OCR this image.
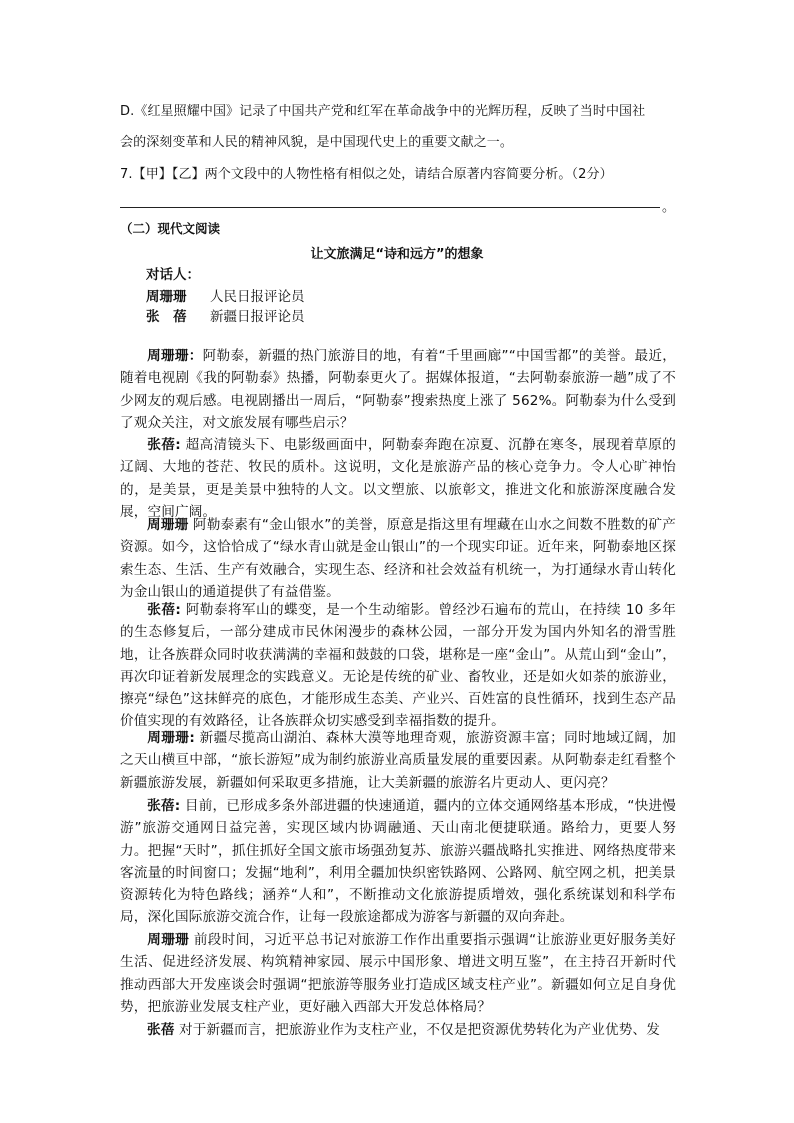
D.《红星照耀中国》记录了中国共产党和红军在革命战争中的光辉历程，反映了当时中国社
会的深刻变革和人民的精神风貌，是中国现代史上的重要文献之一。
7.【甲】【乙】两个文段中的人物性格有相似之处，请结合原著内容简要分析。（2分）
。
（二）现代文阅读
让文旅满足“诗和远方”的想象
对话人：
周珊珊 人民日报评论员
张　蓓 新疆日报评论员
周珊珊：阿勒泰，新疆的热门旅游目的地，有着“千里画廊”“中国雪都”的美誉。最近，随着电视剧《我的阿勒泰》热播，阿勒泰更火了。据媒体报道，“去阿勒泰旅游一趟”成了不少网友的观后感。电视剧播出一周后，“阿勒泰”搜索热度上涨了 562%。阿勒泰为什么受到了观众关注，对文旅发展有哪些启示？
张蓓: 超高清镜头下、电影级画面中，阿勒泰奔跑在凉夏、沉静在寒冬，展现着草原的辽阔、大地的苍茫、牧民的质朴。这说明，文化是旅游产品的核心竞争力。令人心旷神怡的，是美景，更是美景中独特的人文。以文塑旅、以旅彰文，推进文化和旅游深度融合发展，空间广阔。
周珊珊 阿勒泰素有“金山银水”的美誉，原意是指这里有埋藏在山水之间数不胜数的矿产资源。如今，这恰恰成了“绿水青山就是金山银山”的一个现实印证。近年来，阿勒泰地区探索生态、生活、生产有效融合，实现生态、经济和社会效益有机统一，为打通绿水青山转化为金山银山的通道提供了有益借鉴。
张蓓: 阿勒泰将军山的蝶变，是一个生动缩影。曾经沙石遍布的荒山，在持续 10 多年的生态修复后，一部分建成市民休闲漫步的森林公园，一部分开发为国内外知名的滑雪胜地，让各族群众同时收获满满的幸福和鼓鼓的口袋，堪称是一座“金山”。从荒山到“金山”，再次印证着新发展理念的实践意义。无论是传统的矿业、畜牧业，还是如火如荼的旅游业，擦亮“绿色”这抹鲜亮的底色，才能形成生态美、产业兴、百姓富的良性循环，找到生态产品价值实现的有效路径，让各族群众切实感受到幸福指数的提升。
周珊珊: 新疆尽揽高山湖泊、森林大漠等地理奇观，旅游资源丰富；同时地域辽阔，加之天山横亘中部，“旅长游短”成为制约旅游业高质量发展的重要因素。从阿勒泰走红看整个新疆旅游发展，新疆如何采取更多措施，让大美新疆的旅游名片更动人、更闪亮？
张蓓: 目前，已形成多条外部进疆的快速通道，疆内的立体交通网络基本形成，“快进慢游”旅游交通网日益完善，实现区域内协调融通、天山南北便捷联通。路给力，更要人努力。把握“天时”，抓住抓好全国文旅市场强劲复苏、旅游兴疆战略扎实推进、网络热度带来客流量的时间窗口；发掘“地利”，利用全疆加快织密铁路网、公路网、航空网之机，把美景资源转化为特色路线；涵养“人和”，不断推动文化旅游提质增效，强化系统谋划和科学布局，深化国际旅游交流合作，让每一段旅途都成为游客与新疆的双向奔赴。
周珊珊 前段时间，习近平总书记对旅游工作作出重要指示强调“让旅游业更好服务美好生活、促进经济发展、构筑精神家园、展示中国形象、增进文明互鉴”，在主持召开新时代推动西部大开发座谈会时强调“把旅游等服务业打造成区域支柱产业”。新疆如何立足自身优势，把旅游业发展支柱产业，更好融入西部大开发总体格局？
张蓓 对于新疆而言，把旅游业作为支柱产业，不仅是把资源优势转化为产业优势、发
